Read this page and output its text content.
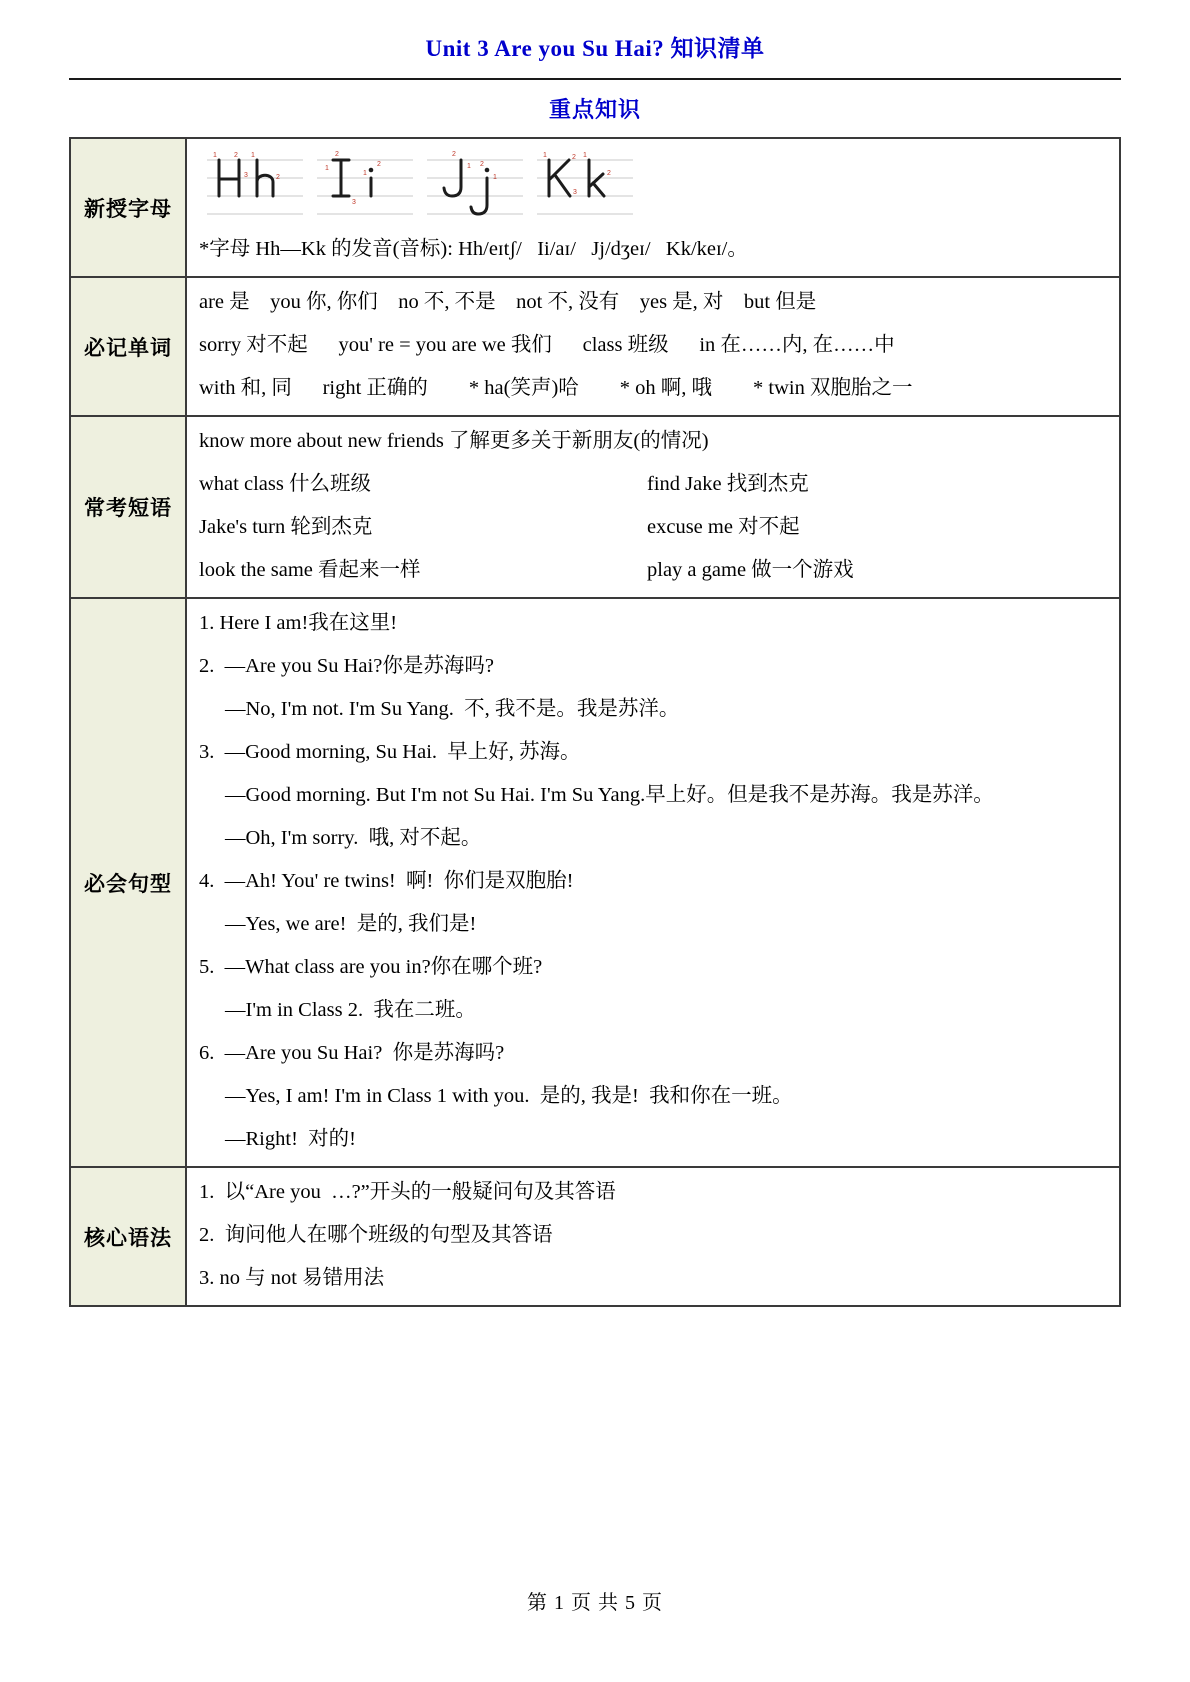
Unit 3 Are you Su Hai? 知识清单
重点知识
新授字母	
1 2
3
1
2
2
1
3
1
2
2
1 2
1
1	2
3
1
2
*字母 Hh—Kk 的发音(音标): Hh/eɪtʃ/   Ii/aɪ/   Jj/dʒeɪ/   Kk/keɪ/。

必记单词	are 是    you 你, 你们    no 不, 不是    not 不, 没有    yes 是, 对    but 但是
sorry 对不起      you' re = you are we 我们      class 班级      in 在……内, 在……中
with 和, 同      right 正确的        * ha(笑声)哈        * oh 啊, 哦        * twin 双胞胎之一

常考短语	
know more about new friends 了解更多关于新朋友(的情况)
what class 什么班级	find Jake 找到杰克
Jake's turn 轮到杰克	excuse me 对不起
look the same 看起来一样	play a game 做一个游戏

必会句型	
1. Here I am!我在这里!
2.  —Are you Su Hai?你是苏海吗?
—No, I'm not. I'm Su Yang.  不, 我不是。我是苏洋。
3.  —Good morning, Su Hai.  早上好, 苏海。
—Good morning. But I'm not Su Hai. I'm Su Yang.早上好。但是我不是苏海。我是苏洋。
—Oh, I'm sorry.  哦, 对不起。
4.  —Ah! You' re twins!  啊!  你们是双胞胎!
—Yes, we are!  是的, 我们是!
5.  —What class are you in?你在哪个班?
—I'm in Class 2.  我在二班。
6.  —Are you Su Hai?  你是苏海吗?
—Yes, I am! I'm in Class 1 with you.  是的, 我是!  我和你在一班。
—Right!  对的!

核心语法	1.  以“Are you  …?”开头的一般疑问句及其答语
2.  询问他人在哪个班级的句型及其答语
3. no 与 not 易错用法
第 1 页 共 5 页
